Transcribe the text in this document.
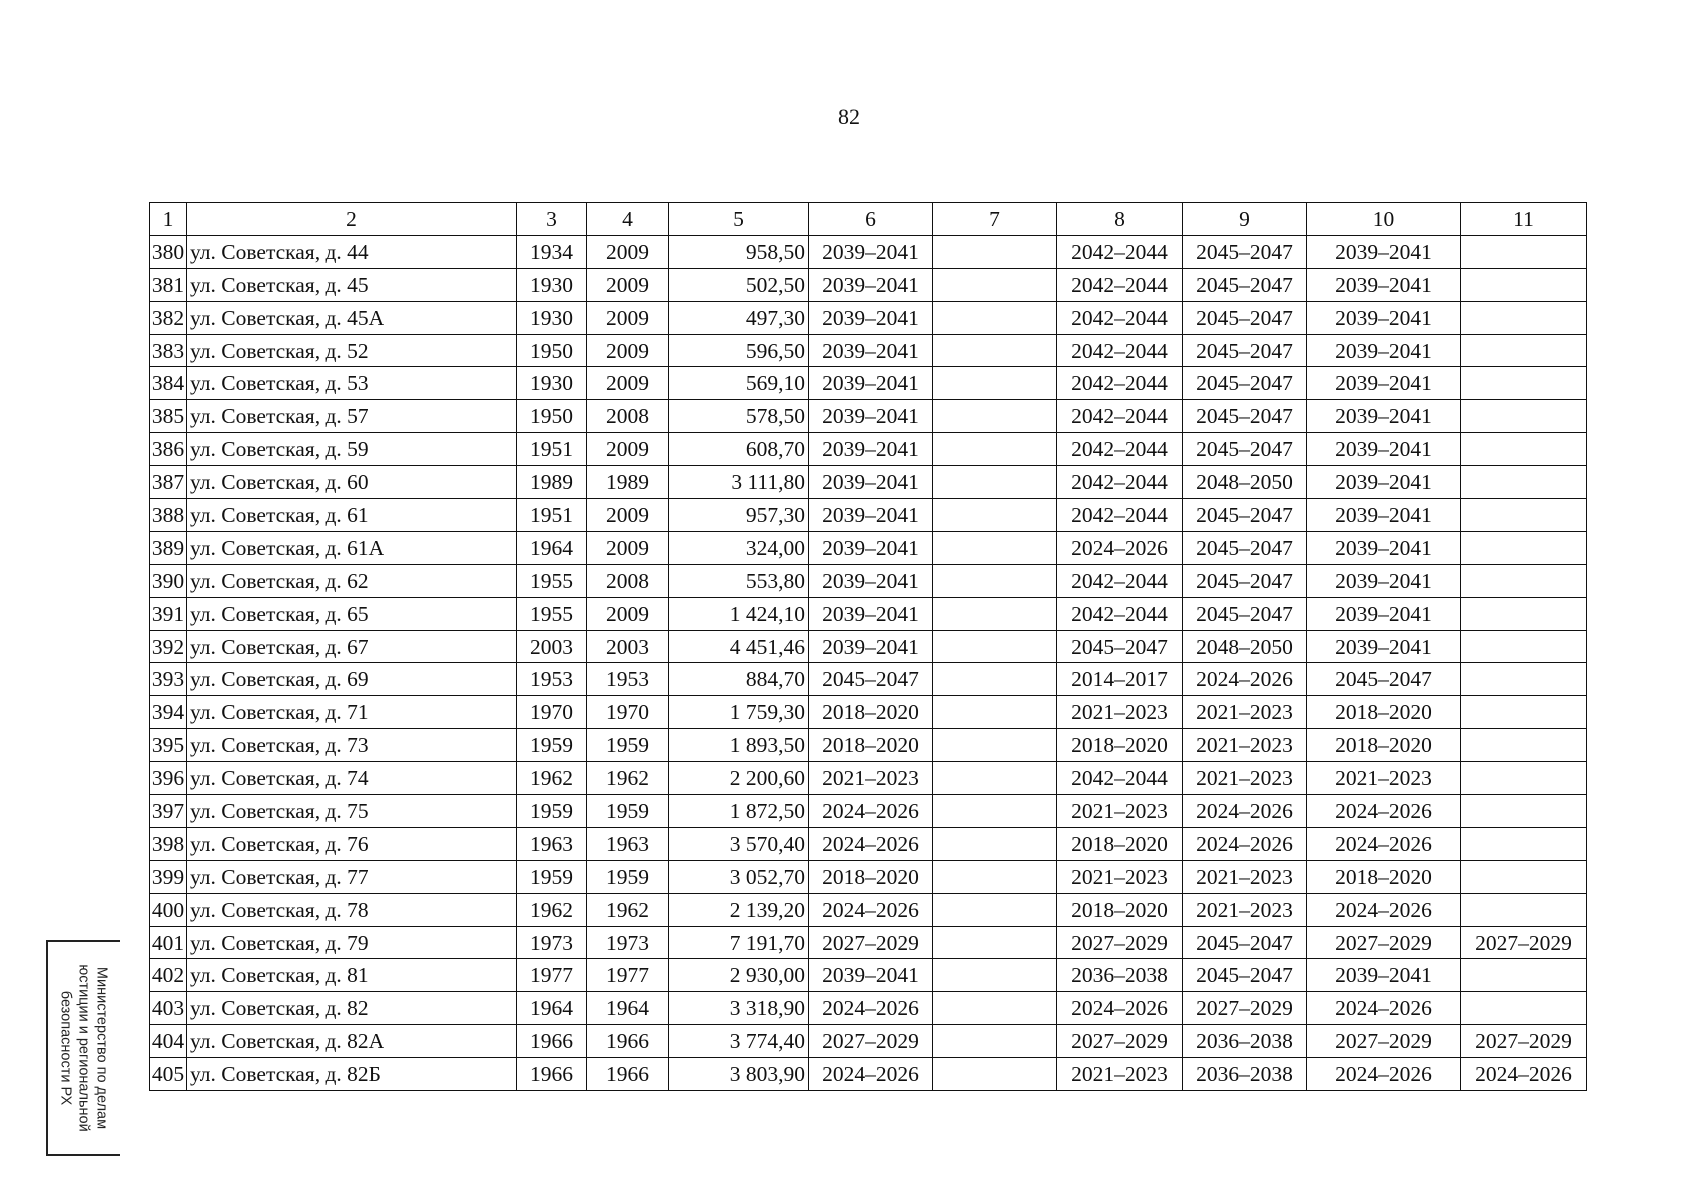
82
1	2	3	4	5	6	7	8	9	10	11
380	ул. Советская, д. 44	1934	2009	958,50	2039–2041		2042–2044	2045–2047	2039–2041	
381	ул. Советская, д. 45	1930	2009	502,50	2039–2041		2042–2044	2045–2047	2039–2041	
382	ул. Советская, д. 45А	1930	2009	497,30	2039–2041		2042–2044	2045–2047	2039–2041	
383	ул. Советская, д. 52	1950	2009	596,50	2039–2041		2042–2044	2045–2047	2039–2041	
384	ул. Советская, д. 53	1930	2009	569,10	2039–2041		2042–2044	2045–2047	2039–2041	
385	ул. Советская, д. 57	1950	2008	578,50	2039–2041		2042–2044	2045–2047	2039–2041	
386	ул. Советская, д. 59	1951	2009	608,70	2039–2041		2042–2044	2045–2047	2039–2041	
387	ул. Советская, д. 60	1989	1989	3 111,80	2039–2041		2042–2044	2048–2050	2039–2041	
388	ул. Советская, д. 61	1951	2009	957,30	2039–2041		2042–2044	2045–2047	2039–2041	
389	ул. Советская, д. 61А	1964	2009	324,00	2039–2041		2024–2026	2045–2047	2039–2041	
390	ул. Советская, д. 62	1955	2008	553,80	2039–2041		2042–2044	2045–2047	2039–2041	
391	ул. Советская, д. 65	1955	2009	1 424,10	2039–2041		2042–2044	2045–2047	2039–2041	
392	ул. Советская, д. 67	2003	2003	4 451,46	2039–2041		2045–2047	2048–2050	2039–2041	
393	ул. Советская, д. 69	1953	1953	884,70	2045–2047		2014–2017	2024–2026	2045–2047	
394	ул. Советская, д. 71	1970	1970	1 759,30	2018–2020		2021–2023	2021–2023	2018–2020	
395	ул. Советская, д. 73	1959	1959	1 893,50	2018–2020		2018–2020	2021–2023	2018–2020	
396	ул. Советская, д. 74	1962	1962	2 200,60	2021–2023		2042–2044	2021–2023	2021–2023	
397	ул. Советская, д. 75	1959	1959	1 872,50	2024–2026		2021–2023	2024–2026	2024–2026	
398	ул. Советская, д. 76	1963	1963	3 570,40	2024–2026		2018–2020	2024–2026	2024–2026	
399	ул. Советская, д. 77	1959	1959	3 052,70	2018–2020		2021–2023	2021–2023	2018–2020	
400	ул. Советская, д. 78	1962	1962	2 139,20	2024–2026		2018–2020	2021–2023	2024–2026	
401	ул. Советская, д. 79	1973	1973	7 191,70	2027–2029		2027–2029	2045–2047	2027–2029	2027–2029
402	ул. Советская, д. 81	1977	1977	2 930,00	2039–2041		2036–2038	2045–2047	2039–2041	
403	ул. Советская, д. 82	1964	1964	3 318,90	2024–2026		2024–2026	2027–2029	2024–2026	
404	ул. Советская, д. 82А	1966	1966	3 774,40	2027–2029		2027–2029	2036–2038	2027–2029	2027–2029
405	ул. Советская, д. 82Б	1966	1966	3 803,90	2024–2026		2021–2023	2036–2038	2024–2026	2024–2026
Министерство по делам
юстиции и региональной
безопасности РХ
